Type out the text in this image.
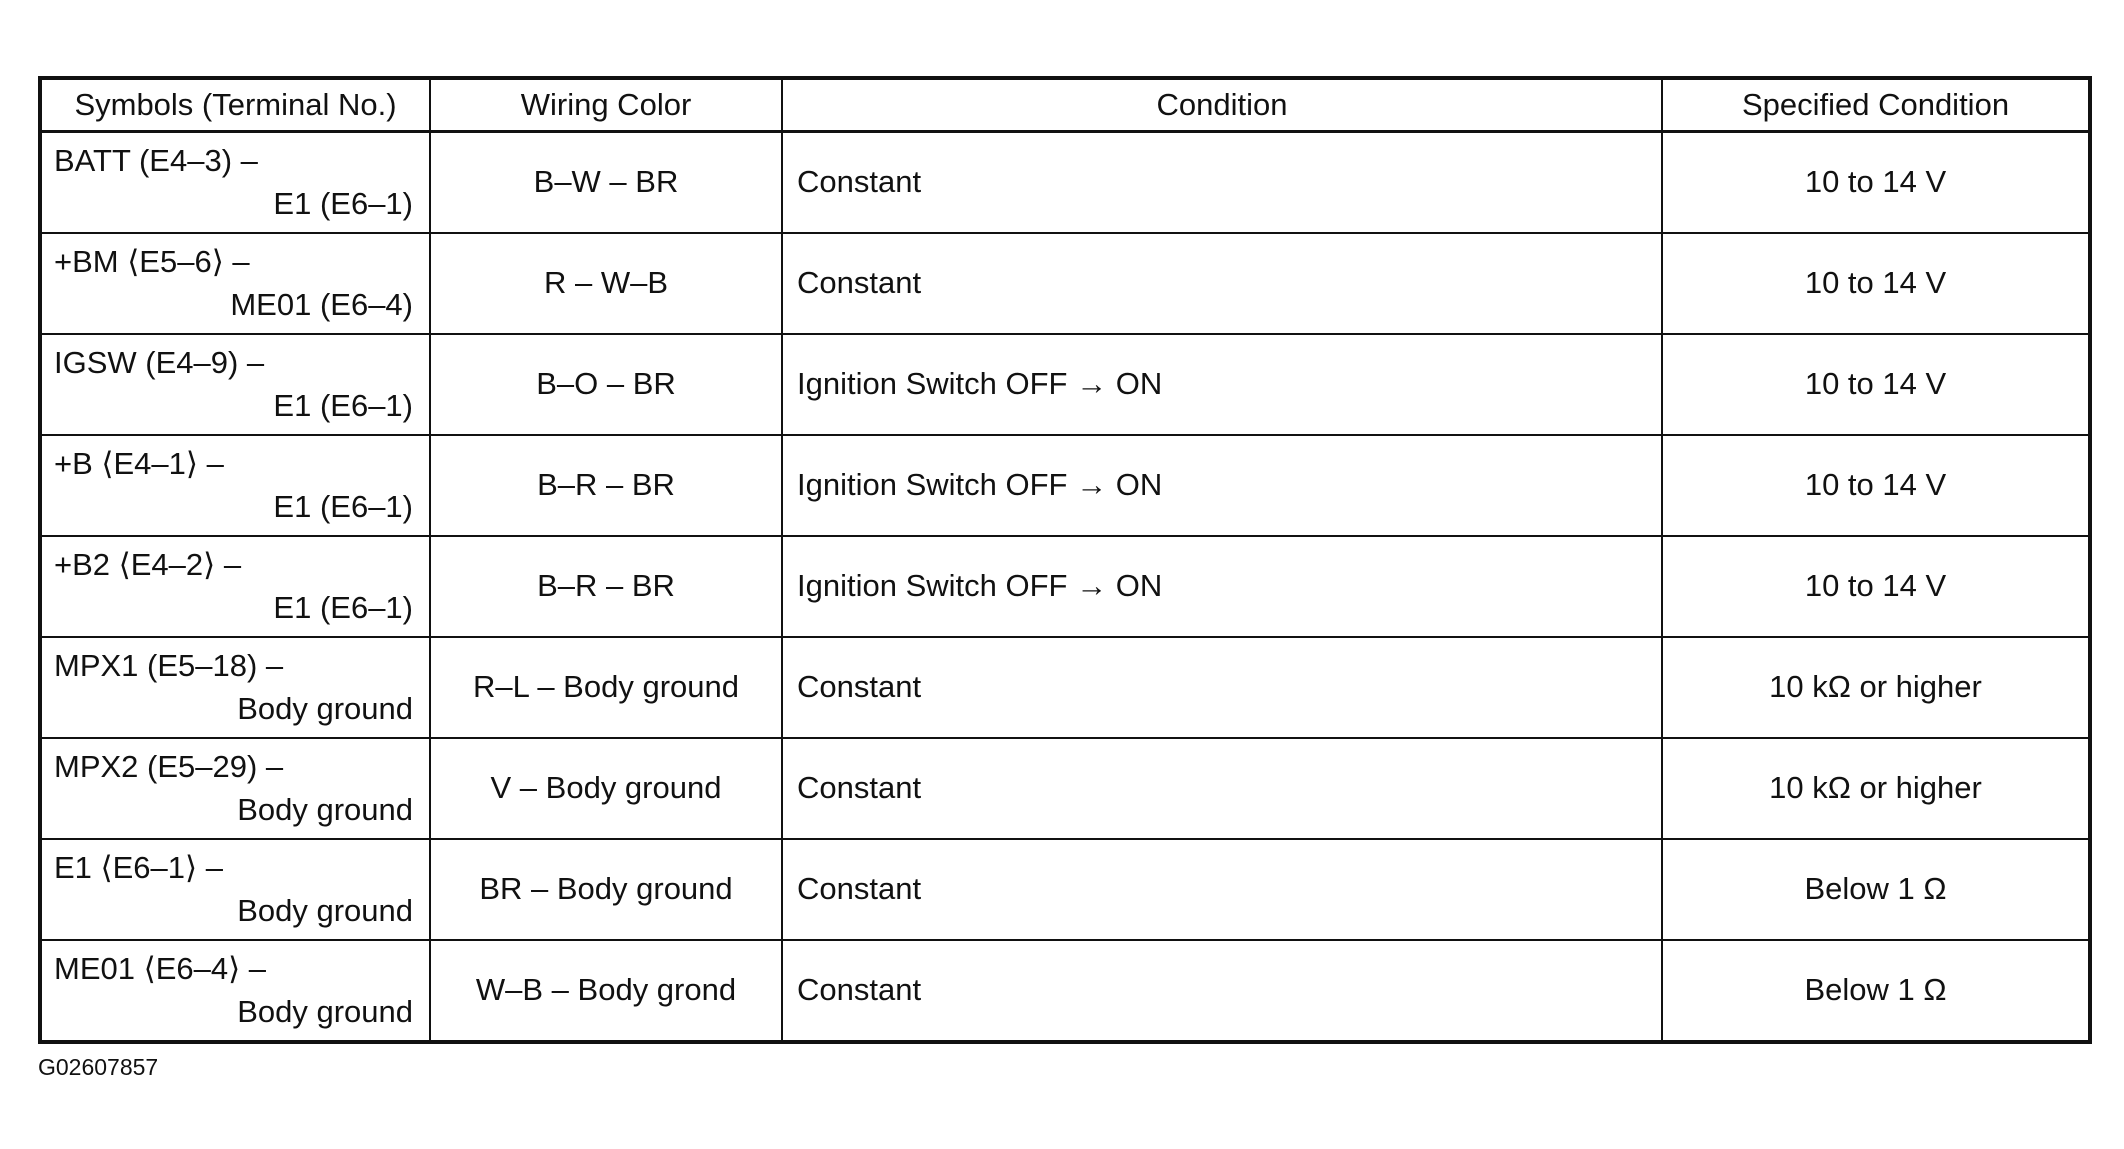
Symbols (Terminal No.)	Wiring Color	Condition	Specified Condition

BATT (E4–3) –
E1 (E6–1)	B–W – BR	Constant	10 to 14 V

+BM ⟨E5–6⟩ –
ME01 (E6–4)	R – W–B	Constant	10 to 14 V

IGSW (E4–9) –
E1 (E6–1)	B–O – BR	Ignition Switch OFF → ON	10 to 14 V

+B ⟨E4–1⟩ –
E1 (E6–1)	B–R – BR	Ignition Switch OFF → ON	10 to 14 V

+B2 ⟨E4–2⟩ –
E1 (E6–1)	B–R – BR	Ignition Switch OFF → ON	10 to 14 V

MPX1 (E5–18) –
Body ground	R–L – Body ground	Constant	10 kΩ or higher

MPX2 (E5–29) –
Body ground	V – Body ground	Constant	10 kΩ or higher

E1 ⟨E6–1⟩ –
Body ground	BR – Body ground	Constant	Below 1 Ω

ME01 ⟨E6–4⟩ –
Body ground	W–B – Body grond	Constant	Below 1 Ω
G02607857
